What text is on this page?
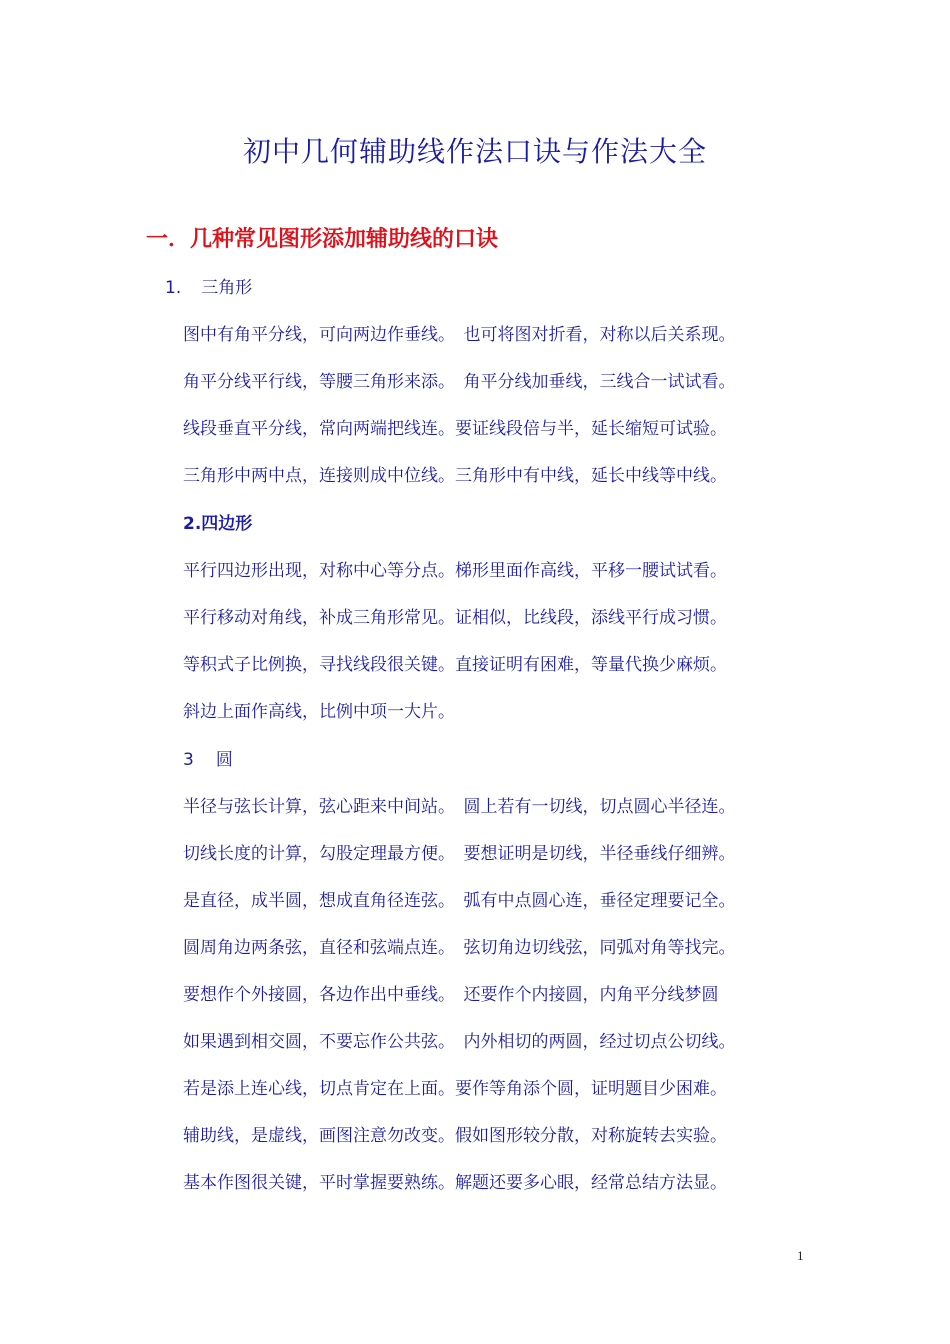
初中几何辅助线作法口诀与作法大全
一．几种常见图形添加辅助线的口诀
1. 三角形

图中有角平分线，可向两边作垂线。　也可将图对折看，对称以后关系现。

角平分线平行线，等腰三角形来添。　角平分线加垂线，三线合一试试看。

线段垂直平分线，常向两端把线连。要证线段倍与半，延长缩短可试验。

三角形中两中点，连接则成中位线。三角形中有中线，延长中线等中线。

2.四边形

平行四边形出现，对称中心等分点。梯形里面作高线，平移一腰试试看。

平行移动对角线，补成三角形常见。证相似，比线段，添线平行成习惯。

等积式子比例换，寻找线段很关键。直接证明有困难，等量代换少麻烦。

斜边上面作高线，比例中项一大片。

3 圆

半径与弦长计算，弦心距来中间站。　圆上若有一切线，切点圆心半径连。

切线长度的计算，勾股定理最方便。　要想证明是切线，半径垂线仔细辨。

是直径，成半圆，想成直角径连弦。　弧有中点圆心连，垂径定理要记全。

圆周角边两条弦，直径和弦端点连。　弦切角边切线弦，同弧对角等找完。

要想作个外接圆，各边作出中垂线。　还要作个内接圆，内角平分线梦圆

如果遇到相交圆，不要忘作公共弦。　内外相切的两圆，经过切点公切线。

若是添上连心线，切点肯定在上面。要作等角添个圆，证明题目少困难。

辅助线，是虚线，画图注意勿改变。假如图形较分散，对称旋转去实验。

基本作图很关键，平时掌握要熟练。解题还要多心眼，经常总结方法显。

1
